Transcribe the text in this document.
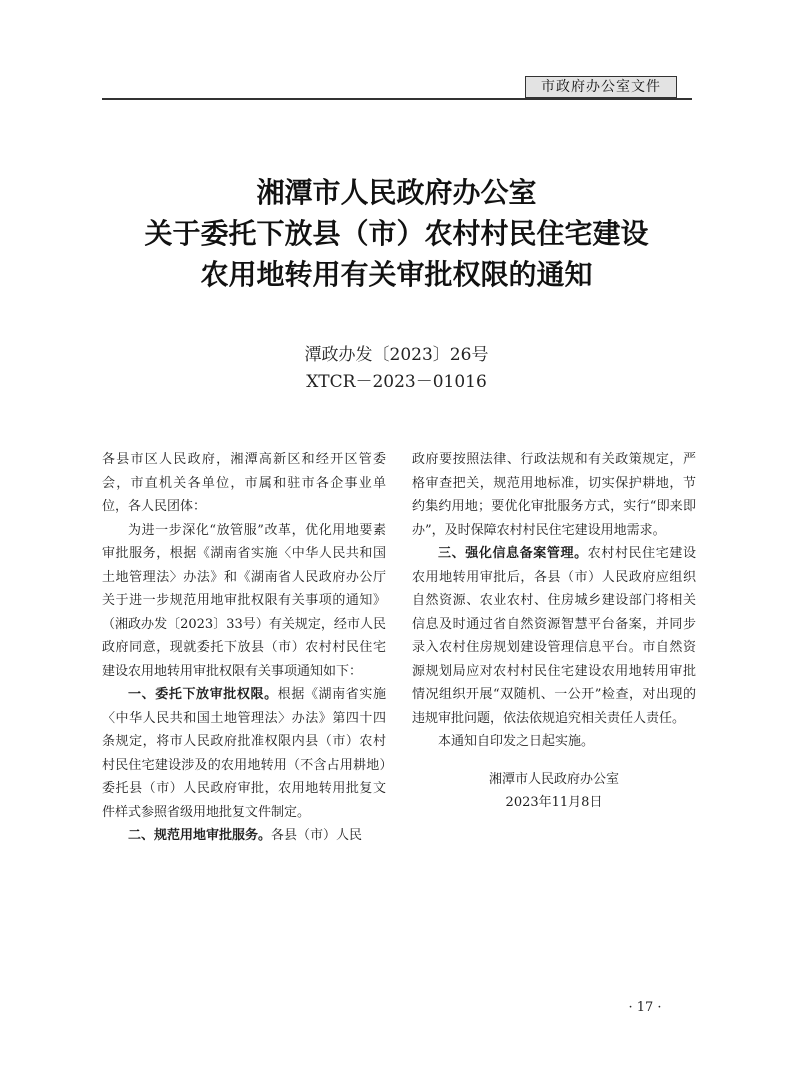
市政府办公室文件
湘潭市人民政府办公室
关于委托下放县（市）农村村民住宅建设
农用地转用有关审批权限的通知
潭政办发〔2023〕26号
XTCR－2023－01016

各县市区人民政府，湘潭高新区和经开区管委会，市直机关各单位，市属和驻市各企事业单位，各人民团体：

为进一步深化“放管服”改革，优化用地要素审批服务，根据《湖南省实施〈中华人民共和国土地管理法〉办法》和《湖南省人民政府办公厅关于进一步规范用地审批权限有关事项的通知》（湘政办发〔2023〕33号）有关规定，经市人民政府同意，现就委托下放县（市）农村村民住宅建设农用地转用审批权限有关事项通知如下：

一、委托下放审批权限。根据《湖南省实施〈中华人民共和国土地管理法〉办法》第四十四条规定，将市人民政府批准权限内县（市）农村村民住宅建设涉及的农用地转用（不含占用耕地）委托县（市）人民政府审批，农用地转用批复文件样式参照省级用地批复文件制定。

二、规范用地审批服务。各县（市）人民

政府要按照法律、行政法规和有关政策规定，严格审查把关，规范用地标准，切实保护耕地，节约集约用地；要优化审批服务方式，实行“即来即办”，及时保障农村村民住宅建设用地需求。

三、强化信息备案管理。农村村民住宅建设农用地转用审批后，各县（市）人民政府应组织自然资源、农业农村、住房城乡建设部门将相关信息及时通过省自然资源智慧平台备案，并同步录入农村住房规划建设管理信息平台。市自然资源规划局应对农村村民住宅建设农用地转用审批情况组织开展“双随机、一公开”检查，对出现的违规审批问题，依法依规追究相关责任人责任。

本通知自印发之日起实施。

湘潭市人民政府办公室
2023年11月8日
· 17 ·
